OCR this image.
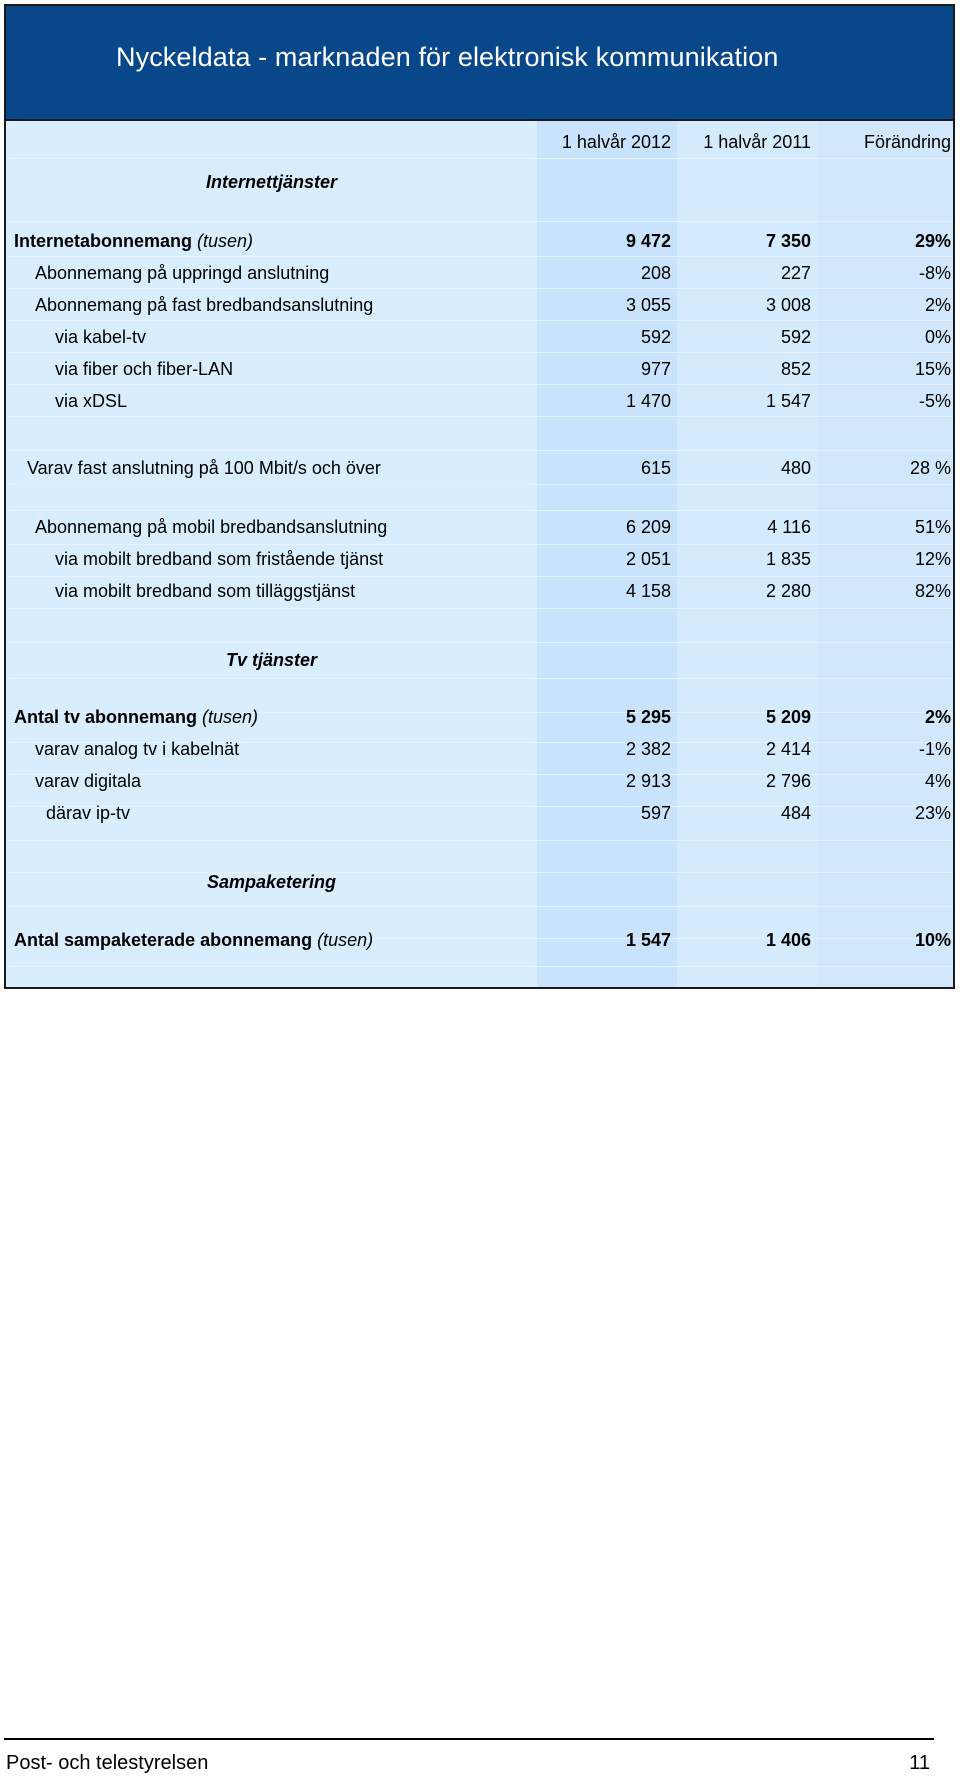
Nyckeldata - marknaden för elektronisk kommunikation
1 halvår 2012	1 halvår 2011	Förändring
Internettjänster
Internetabonnemang (tusen)	9 472	7 350	29%
Abonnemang på uppringd anslutning	208	227	-8%
Abonnemang på fast bredbandsanslutning	3 055	3 008	2%
via kabel-tv	592	592	0%
via fiber och fiber-LAN	977	852	15%
via xDSL	1 470	1 547	-5%
Varav fast anslutning på 100 Mbit/s och över	615	480	28 %
Abonnemang på mobil bredbandsanslutning	6 209	4 116	51%
via mobilt bredband som fristående tjänst	2 051	1 835	12%
via mobilt bredband som tilläggstjänst	4 158	2 280	82%
Tv tjänster
Antal tv abonnemang (tusen)	5 295	5 209	2%
varav analog tv i kabelnät	2 382	2 414	-1%
varav digitala	2 913	2 796	4%
därav ip-tv	597	484	23%
Sampaketering
Antal sampaketerade abonnemang (tusen)	1 547	1 406	10%
Post- och telestyrelsen	11
